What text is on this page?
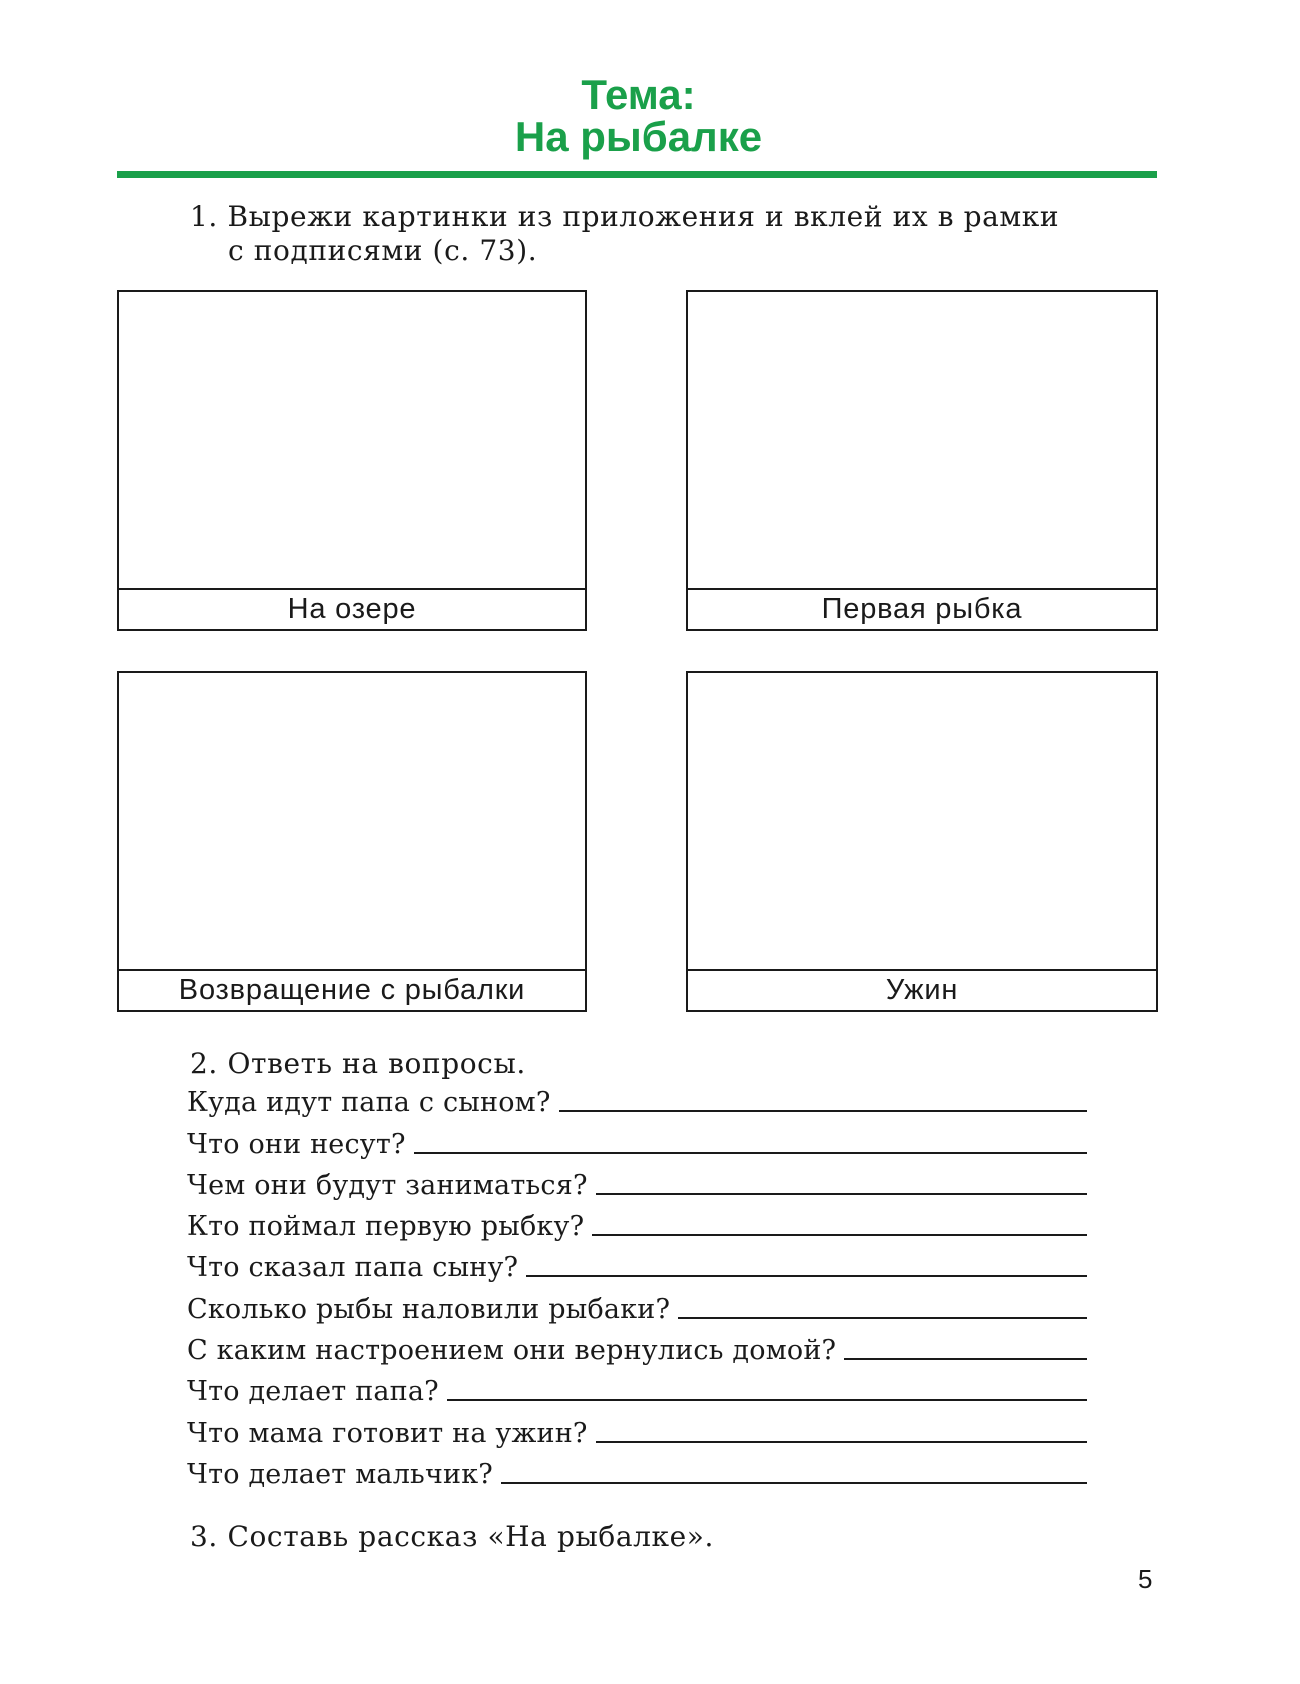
Тема:
На рыбалке
1. Вырежи картинки из приложения и вклей их в рамки
с подписями (с. 73).
На озере	Первая рыбка
Возвращение с рыбалки	Ужин
2. Ответь на вопросы.
Куда идут папа с сыном?
Что они несут?
Чем они будут заниматься?
Кто поймал первую рыбку?
Что сказал папа сыну?
Сколько рыбы наловили рыбаки?
С каким настроением они вернулись домой?
Что делает папа?
Что мама готовит на ужин?
Что делает мальчик?
3. Составь рассказ «На рыбалке».
5
